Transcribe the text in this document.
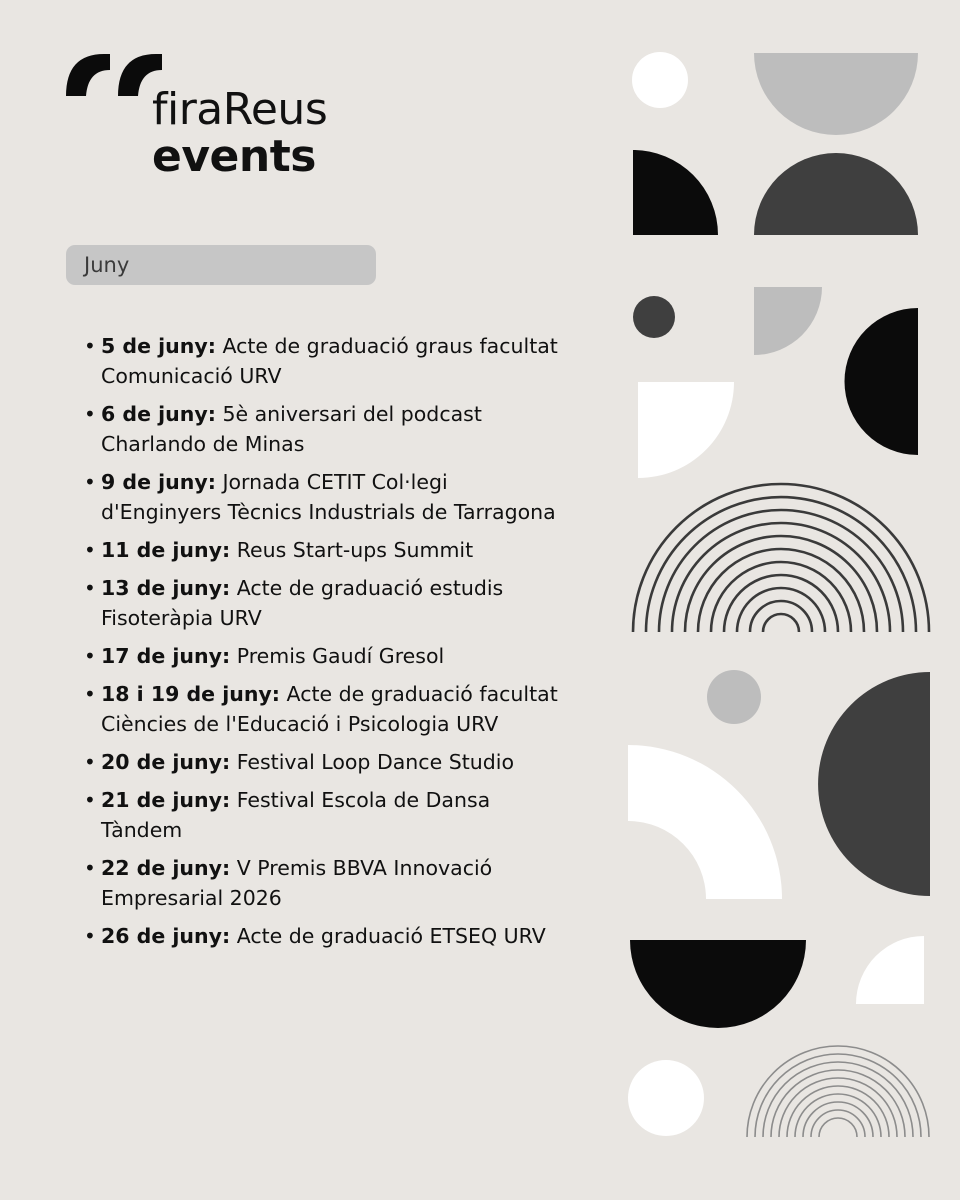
firaReus
events
Juny
• 5 de juny: Acte de graduació graus facultat Comunicació URV
• 6 de juny: 5è aniversari del podcast Charlando de Minas
• 9 de juny: Jornada CETIT Col·legi d'Enginyers Tècnics Industrials de Tarragona
• 11 de juny: Reus Start-ups Summit
• 13 de juny: Acte de graduació estudis Fisoteràpia URV
• 17 de juny: Premis Gaudí Gresol
• 18 i 19 de juny: Acte de graduació facultat Ciències de l'Educació i Psicologia URV
• 20 de juny: Festival Loop Dance Studio
• 21 de juny: Festival Escola de Dansa Tàndem
• 22 de juny: V Premis BBVA Innovació Empresarial 2026
• 26 de juny: Acte de graduació ETSEQ URV
